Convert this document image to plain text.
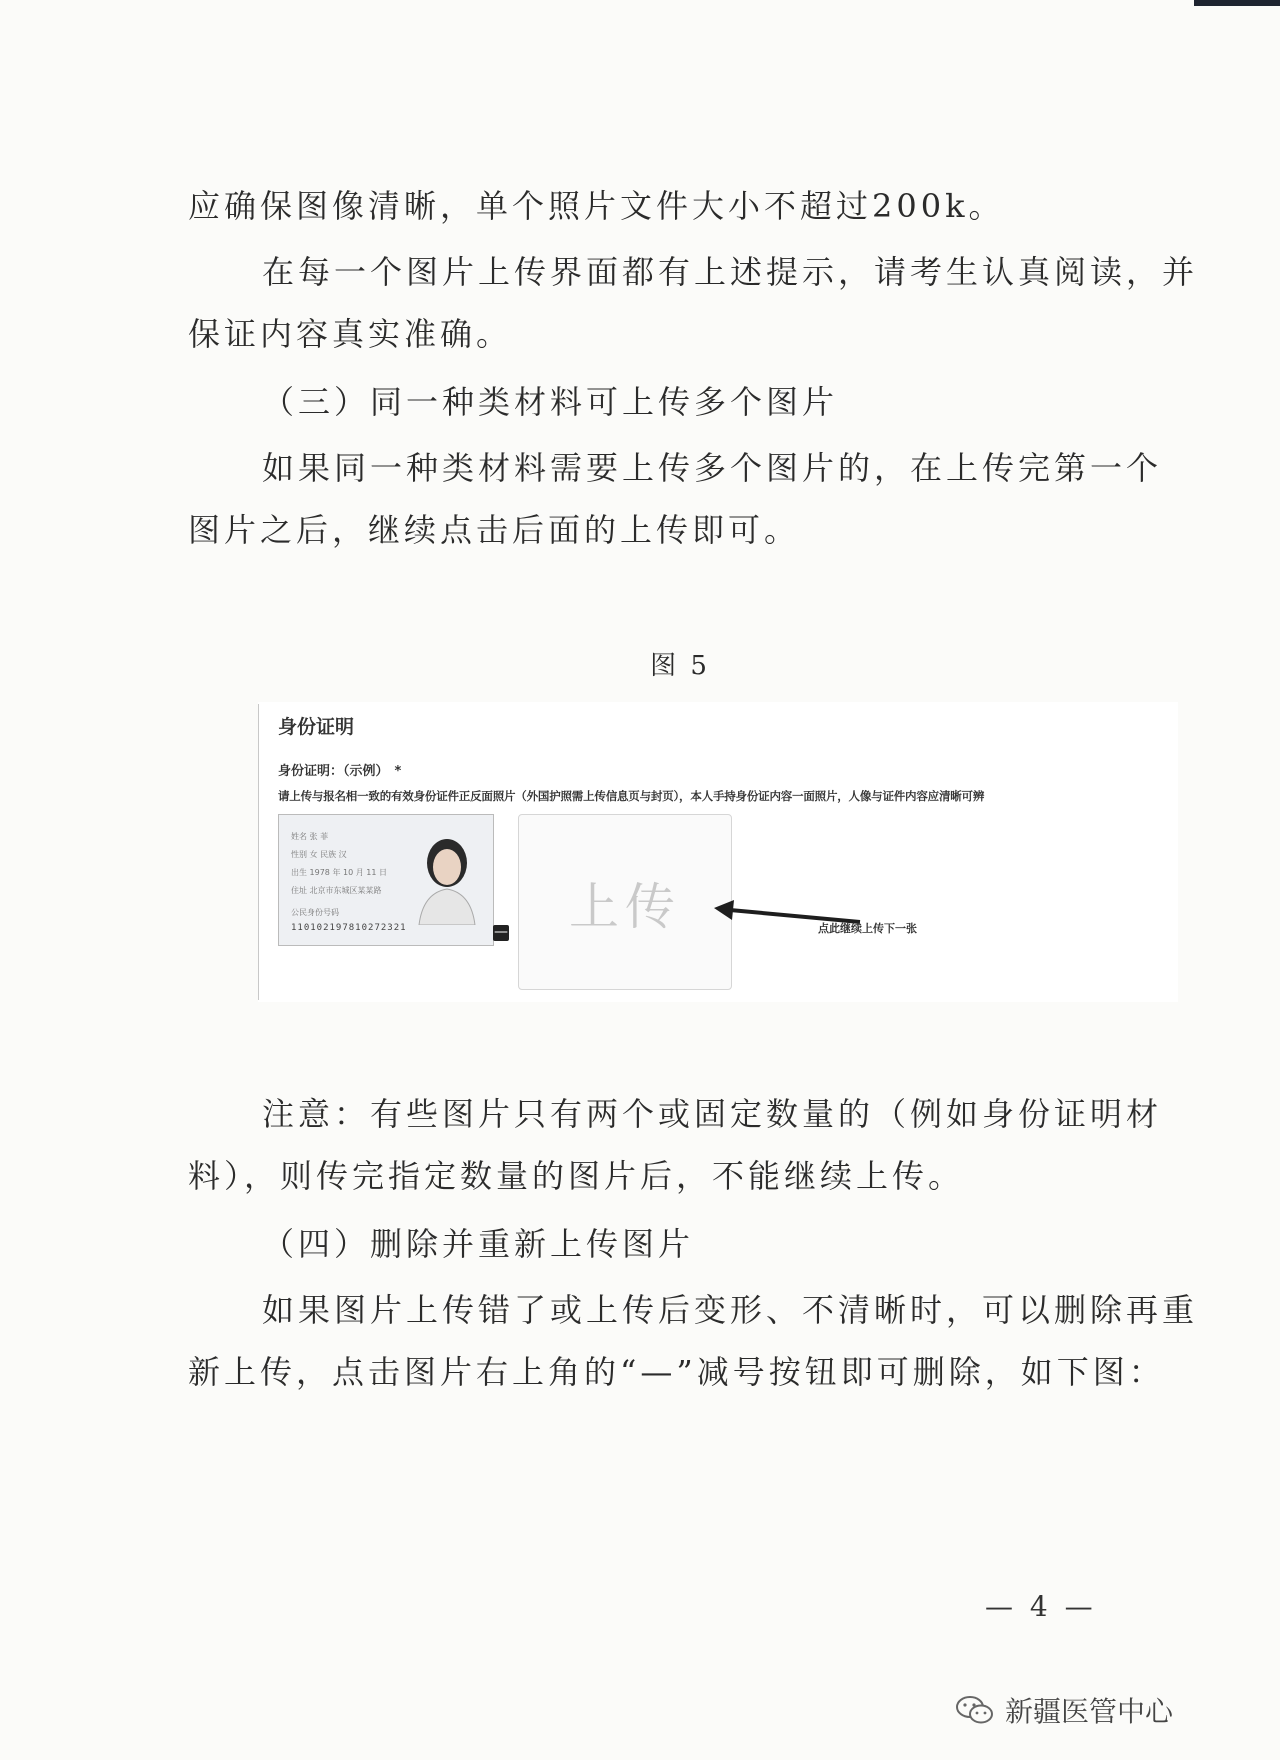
应确保图像清晰，单个照片文件大小不超过200k。

在每一个图片上传界面都有上述提示，请考生认真阅读，并

保证内容真实准确。

（三）同一种类材料可上传多个图片

如果同一种类材料需要上传多个图片的，在上传完第一个

图片之后，继续点击后面的上传即可。

图 5
身份证明
身份证明：（示例） *
请上传与报名相一致的有效身份证件正反面照片（外国护照需上传信息页与封页），本人手持身份证内容一面照片，人像与证件内容应清晰可辨
姓名 张 菲
性别 女 民族 汉
出生 1978 年 10 月 11 日
住址 北京市东城区某某路
公民身份号码
110102197810272321	—	上传	点此继续上传下一张

注意：有些图片只有两个或固定数量的（例如身份证明材

料），则传完指定数量的图片后，不能继续上传。

（四）删除并重新上传图片

如果图片上传错了或上传后变形、不清晰时，可以删除再重

新上传，点击图片右上角的“—”减号按钮即可删除，如下图：

— 4 —
新疆医管中心
